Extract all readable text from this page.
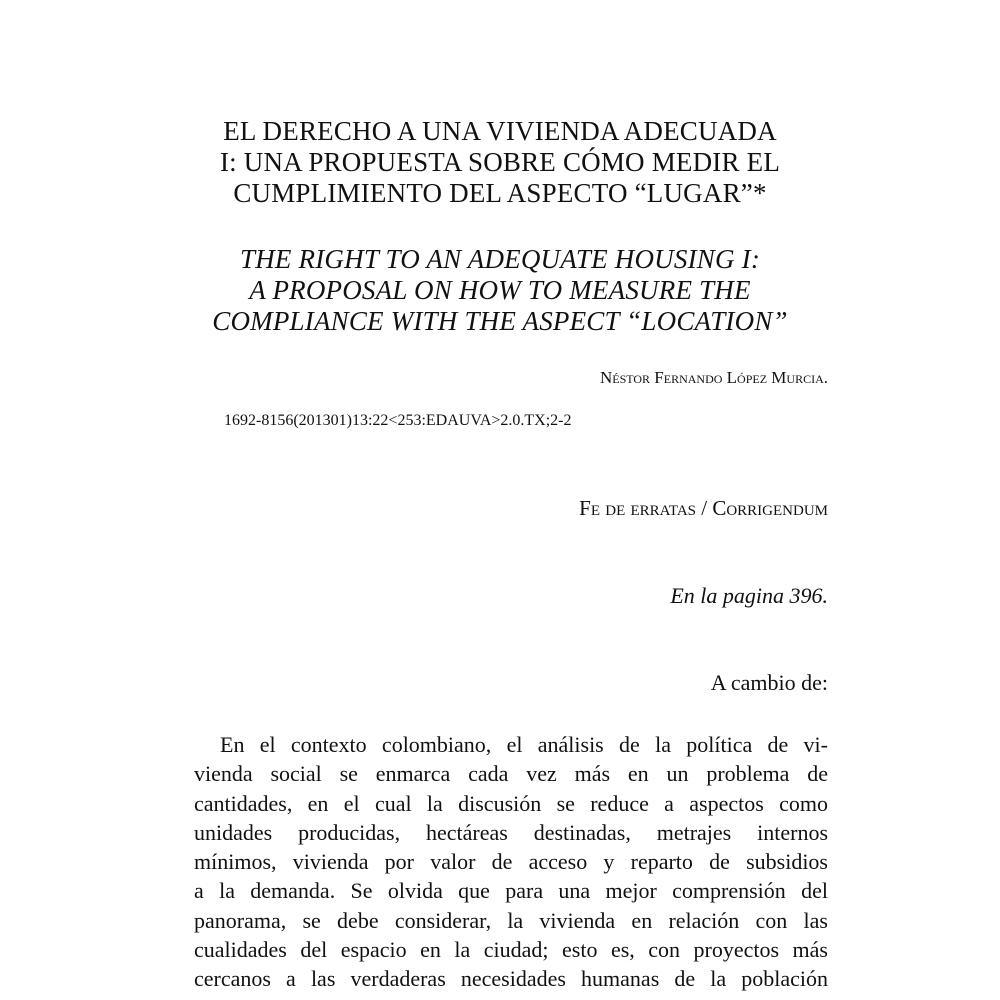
EL DERECHO A UNA VIVIENDA ADECUADA
I: UNA PROPUESTA SOBRE CÓMO MEDIR EL
CUMPLIMIENTO DEL ASPECTO “LUGAR”*
THE RIGHT TO AN ADEQUATE HOUSING I:
A PROPOSAL ON HOW TO MEASURE THE
COMPLIANCE WITH THE ASPECT “LOCATION”
Néstor Fernando López Murcia.
1692-8156(201301)13:22<253:EDAUVA>2.0.TX;2-2
Fe de erratas / Corrigendum
En la pagina 396.
A cambio de:
En el contexto colombiano, el análisis de la política de vi-
vienda social se enmarca cada vez más en un problema de
cantidades, en el cual la discusión se reduce a aspectos como
unidades producidas, hectáreas destinadas, metrajes internos
mínimos, vivienda por valor de acceso y reparto de subsidios
a la demanda. Se olvida que para una mejor comprensión del
panorama, se debe considerar, la vivienda en relación con las
cualidades del espacio en la ciudad; esto es, con proyectos más
cercanos a las verdaderas necesidades humanas de la población
